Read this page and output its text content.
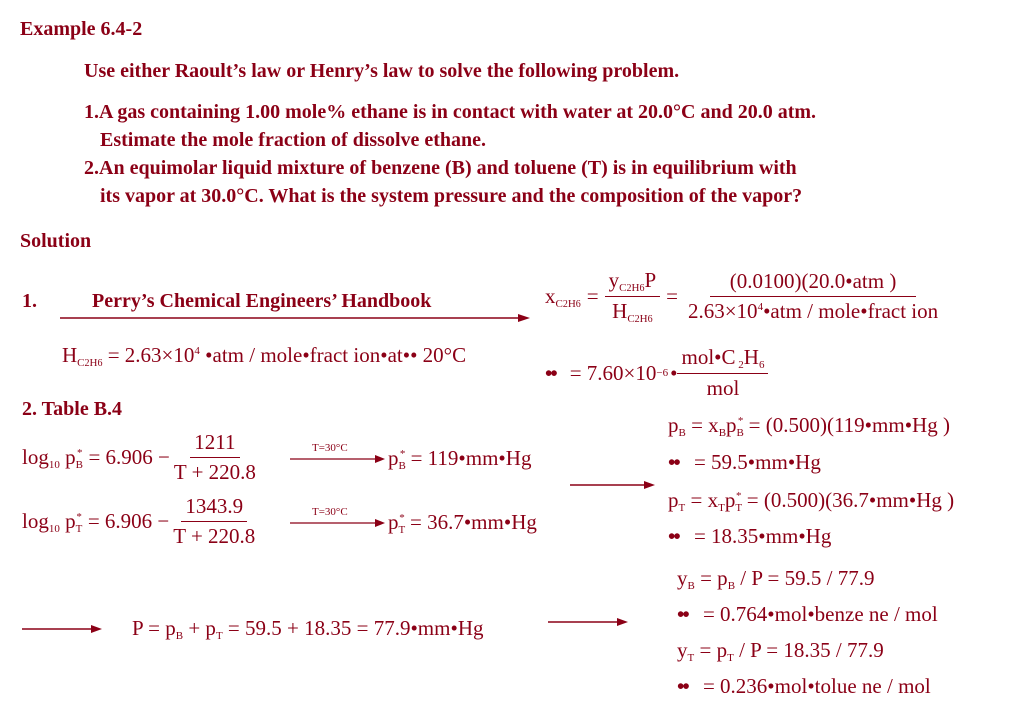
Example 6.4-2
Use either Raoult’s law or Henry’s law to solve the following problem.
1.A gas containing 1.00 mole% ethane is in contact with water at 20.0°C and 20.0 atm.
Estimate the mole fraction of dissolve ethane.
2.An equimolar liquid mixture of benzene (B) and toluene (T) is in equilibrium with
its vapor at 30.0°C. What is the system pressure and the composition of the vapor?
Solution
1.	Perry’s Chemical Engineers’ Handbook
$H_{C2H6} = 2.63\times 10^4$ •atm / mole•fract ion•at•• 20°C
$x_{C2H6} = \frac{y_{C2H6}P}{H_{C2H6}} = \frac{\text{(0.0100)(20.0•atm )}}{2.63\times 10^4•atm / mole•fract ion}$
•• = 7.60×10 −6 • $\frac{mol•C _2H_6}{\text{mol}}$
2. Table B.4
$\log_{10} p_B^* = 6.906 - \frac{1211}{T + 220.8}$	T=30°C $p_B^*$ = 119•mm•Hg
$\log_{10} p_T^* = 6.906 - \frac{1343.9}{T + 220.8}$	T=30°C $p_T^*$ = 36.7•mm•Hg
$p_B = x_Bp_B^*$ = (0.500)(119•mm•Hg )
•• = 59.5•mm•Hg
$p_T = x_Tp_T^*$ = (0.500)(36.7•mm•Hg )
•• = 18.35•mm•Hg
$P = p_B + p_T = 59.5 + 18.35$ = 77.9•mm•Hg
$y_B = p_B / P = 59.5 / 77.9$
•• = 0.764•mol•benze ne / mol
$y_T = p_T / P = 18.35 / 77.9$
•• = 0.236•mol•tolue ne / mol
